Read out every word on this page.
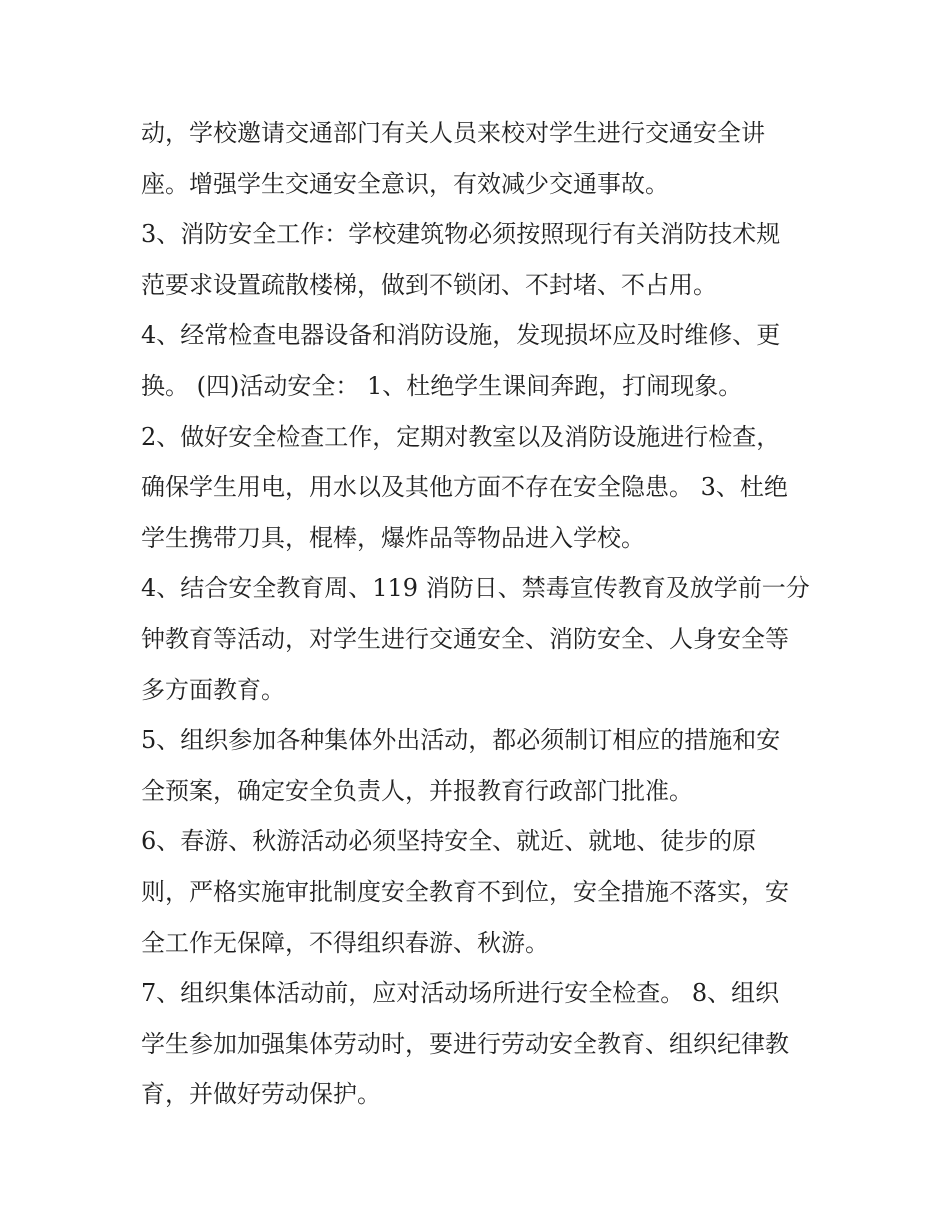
动，学校邀请交通部门有关人员来校对学生进行交通安全讲
座。增强学生交通安全意识，有效减少交通事故。
3、消防安全工作：学校建筑物必须按照现行有关消防技术规
范要求设置疏散楼梯，做到不锁闭、不封堵、不占用。
4、经常检查电器设备和消防设施，发现损坏应及时维修、更
换。 (四)活动安全： 1、杜绝学生课间奔跑，打闹现象。
2、做好安全检查工作，定期对教室以及消防设施进行检查，
确保学生用电，用水以及其他方面不存在安全隐患。 3、杜绝
学生携带刀具，棍棒，爆炸品等物品进入学校。
4、结合安全教育周、119 消防日、禁毒宣传教育及放学前一分
钟教育等活动，对学生进行交通安全、消防安全、人身安全等
多方面教育。
5、组织参加各种集体外出活动，都必须制订相应的措施和安
全预案，确定安全负责人，并报教育行政部门批准。
6、春游、秋游活动必须坚持安全、就近、就地、徒步的原
则，严格实施审批制度安全教育不到位，安全措施不落实，安
全工作无保障，不得组织春游、秋游。
7、组织集体活动前，应对活动场所进行安全检查。 8、组织
学生参加加强集体劳动时，要进行劳动安全教育、组织纪律教
育，并做好劳动保护。
